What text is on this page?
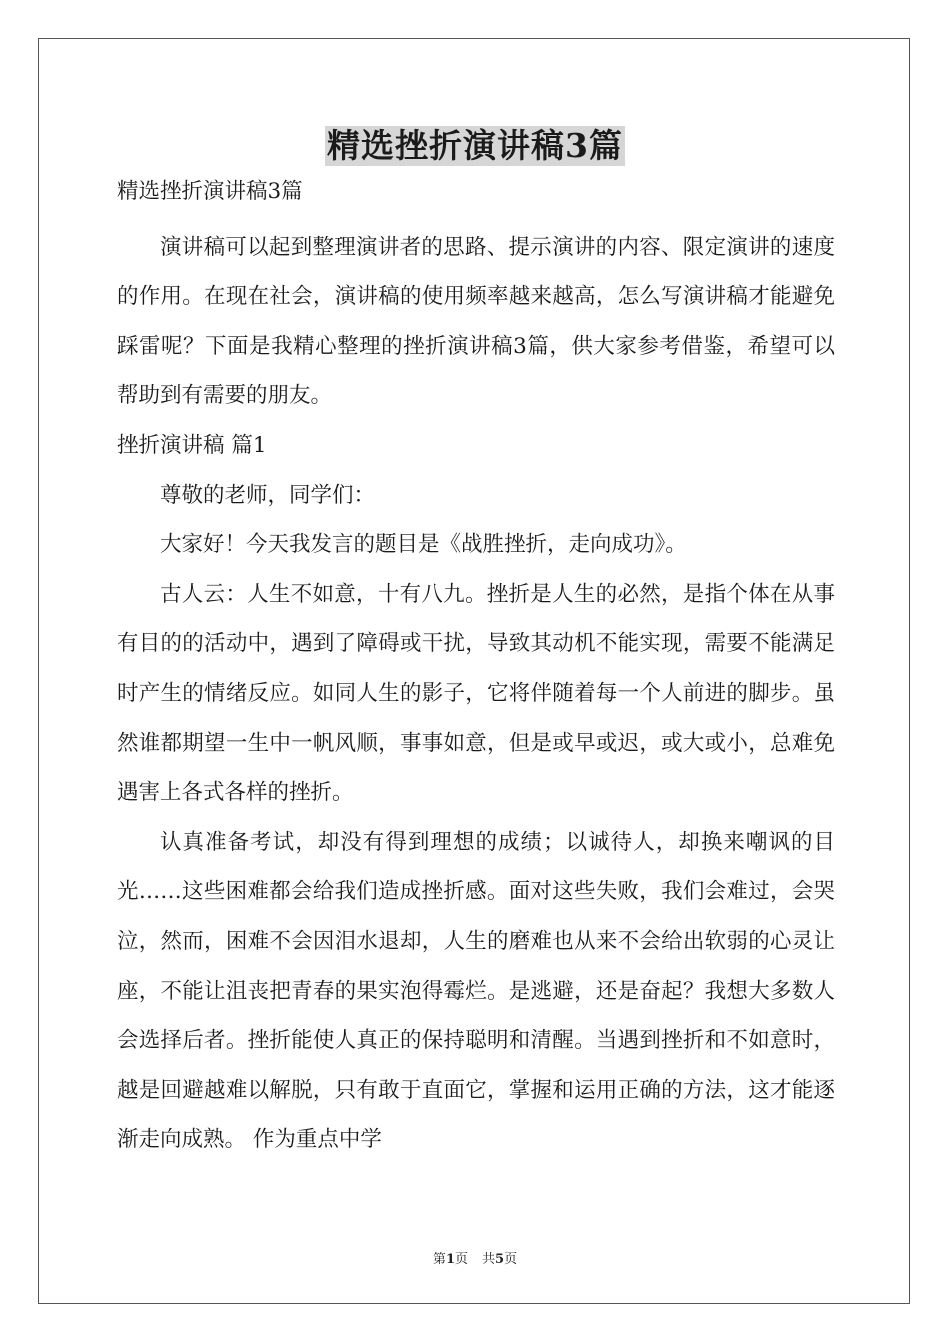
精选挫折演讲稿3篇

精选挫折演讲稿3篇

演讲稿可以起到整理演讲者的思路、提示演讲的内容、限定演讲的速度的作用。在现在社会，演讲稿的使用频率越来越高，怎么写演讲稿才能避免踩雷呢？下面是我精心整理的挫折演讲稿3篇，供大家参考借鉴，希望可以帮助到有需要的朋友。

挫折演讲稿 篇1

尊敬的老师，同学们：

大家好！今天我发言的题目是《战胜挫折，走向成功》。

古人云：人生不如意，十有八九。挫折是人生的必然，是指个体在从事有目的的活动中，遇到了障碍或干扰，导致其动机不能实现，需要不能满足时产生的情绪反应。如同人生的影子，它将伴随着每一个人前进的脚步。虽然谁都期望一生中一帆风顺，事事如意，但是或早或迟，或大或小，总难免遇害上各式各样的挫折。

认真准备考试，却没有得到理想的成绩；以诚待人，却换来嘲讽的目光……这些困难都会给我们造成挫折感。面对这些失败，我们会难过，会哭泣，然而，困难不会因泪水退却，人生的磨难也从来不会给出软弱的心灵让座，不能让沮丧把青春的果实泡得霉烂。是逃避，还是奋起？我想大多数人会选择后者。挫折能使人真正的保持聪明和清醒。当遇到挫折和不如意时，越是回避越难以解脱，只有敢于直面它，掌握和运用正确的方法，这才能逐渐走向成熟。 作为重点中学

第1页 共5页
